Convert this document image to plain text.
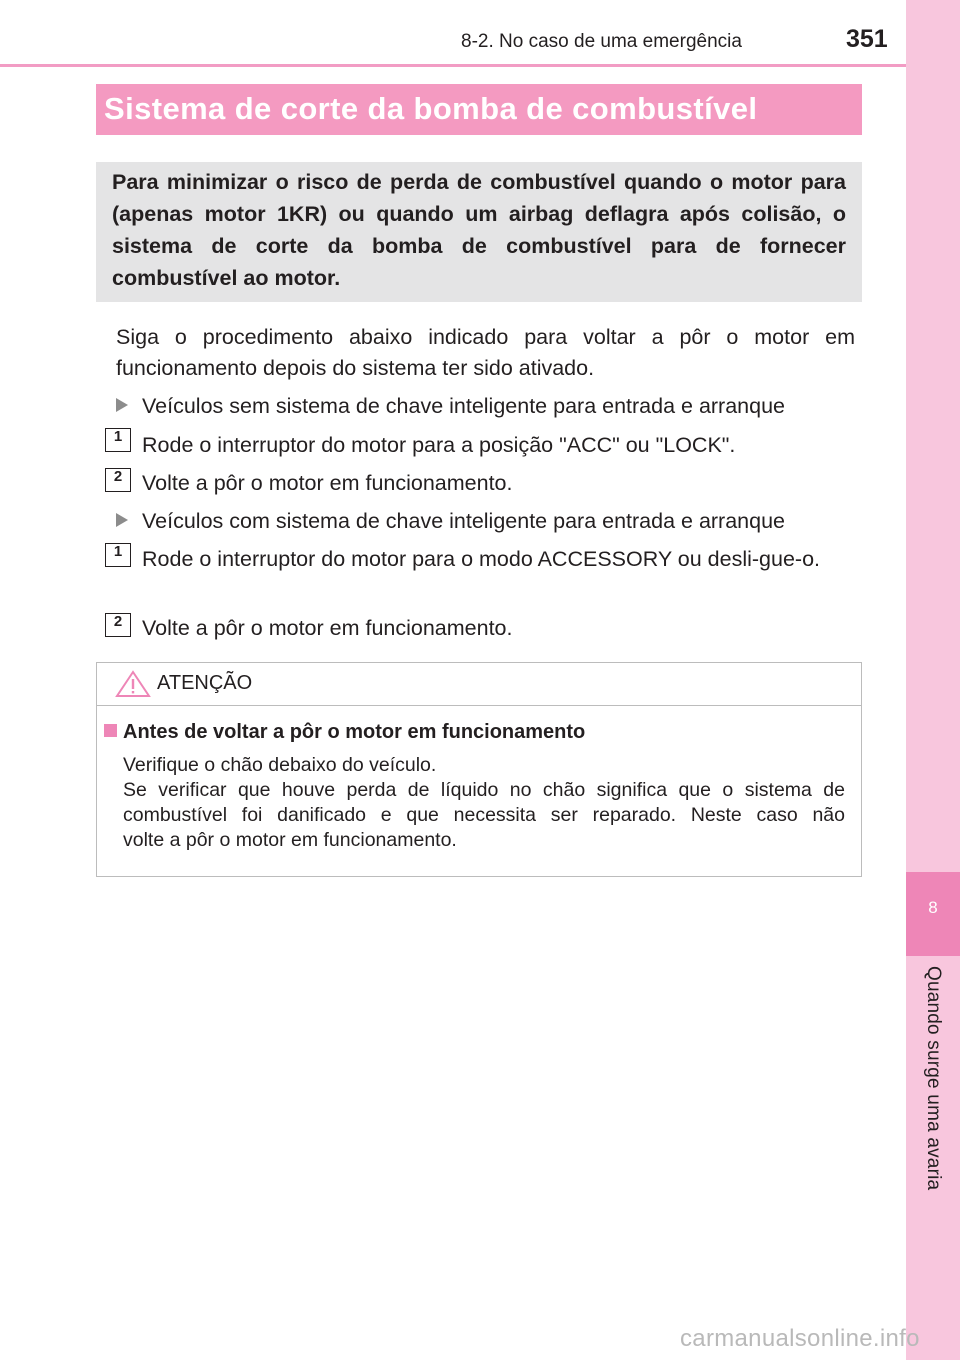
8-2. No caso de uma emergência	351
8
Quando surge uma avaria
Sistema de corte da bomba de combustível

Para minimizar o risco de perda de combustível quando o motor para (apenas motor 1KR) ou quando um airbag deflagra após colisão, o sistema de corte da bomba de combustível para de fornecer combustível ao motor.

Siga o procedimento abaixo indicado para voltar a pôr o motor em funcionamento depois do sistema ter sido ativado.

Veículos sem sistema de chave inteligente para entrada e arranque
1 Rode o interruptor do motor para a posição "ACC" ou "LOCK".
2 Volte a pôr o motor em funcionamento.
Veículos com sistema de chave inteligente para entrada e arranque
1 Rode o interruptor do motor para o modo ACCESSORY ou desli-gue-o.
2 Volte a pôr o motor em funcionamento.
ATENÇÃO
Antes de voltar a pôr o motor em funcionamento
Verifique o chão debaixo do veículo.
Se verificar que houve perda de líquido no chão significa que o sistema de
combustível foi danificado e que necessita ser reparado. Neste caso não
volte a pôr o motor em funcionamento.
carmanualsonline.info
